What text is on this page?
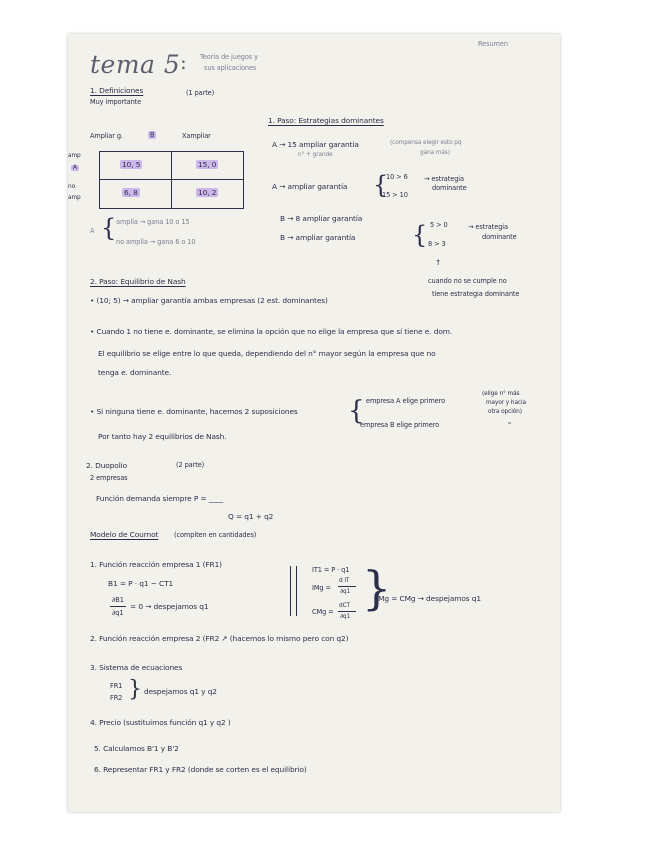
Resumen
tema 5 : Teoría de juegos y
sus aplicaciones
1. Definiciones	(1 parte)
Muy importante
Ampliar g.	B	Xampliar
amp
A
no
amp
10, 5	15, 0
6, 8	10, 2
amplía → gana 10 o 15
A { no amplía → gana 6 o 10
1. Paso: Estrategias dominantes
A → 15 ampliar garantía	(compensa elegir esto pq
gana más)
n° + grande
A → ampliar garantía {
10 > 6
15 > 10
→ estrategia
dominante
B → 8 ampliar garantía
B → ampliar garantía { 5 > 0
8 > 3
→ estrategia
dominante
↑
cuando no se cumple no
tiene estrategia dominante
2. Paso: Equilibrio de Nash
• (10; 5) → ampliar garantía ambas empresas (2 est. dominantes)
• Cuando 1 no tiene e. dominante, se elimina la opción que no elige la empresa que sí tiene e. dom.
El equilibrio se elige entre lo que queda, dependiendo del n° mayor según la empresa que no
tenga e. dominante.
• Si ninguna tiene e. dominante, hacemos 2 suposiciones { empresa A elige primero
(elige n° más
mayor y hacia
otra opción)
empresa B elige primero	"
Por tanto hay 2 equilibrios de Nash.
2. Duopolio	(2 parte)
2 empresas
Función demanda siempre P = ____
Q = q1 + q2
Modelo de Cournot (compiten en cantidades)
1. Función reacción empresa 1 (FR1)
B1 = P · q1 − CT1
∂B1
∂q1
= 0 → despejamos q1
IT1 = P · q1
IMg =
d IT
∂q1
CMg =
dCT
∂q1
}
IMg = CMg → despejamos q1
2. Función reacción empresa 2 (FR2 ↗ (hacemos lo mismo pero con q2)
3. Sistema de ecuaciones
FR1
FR2 } despejamos q1 y q2
4. Precio (sustituimos función q1 y q2 )
5. Calculamos B'1 y B'2
6. Representar FR1 y FR2 (donde se corten es el equilibrio)
